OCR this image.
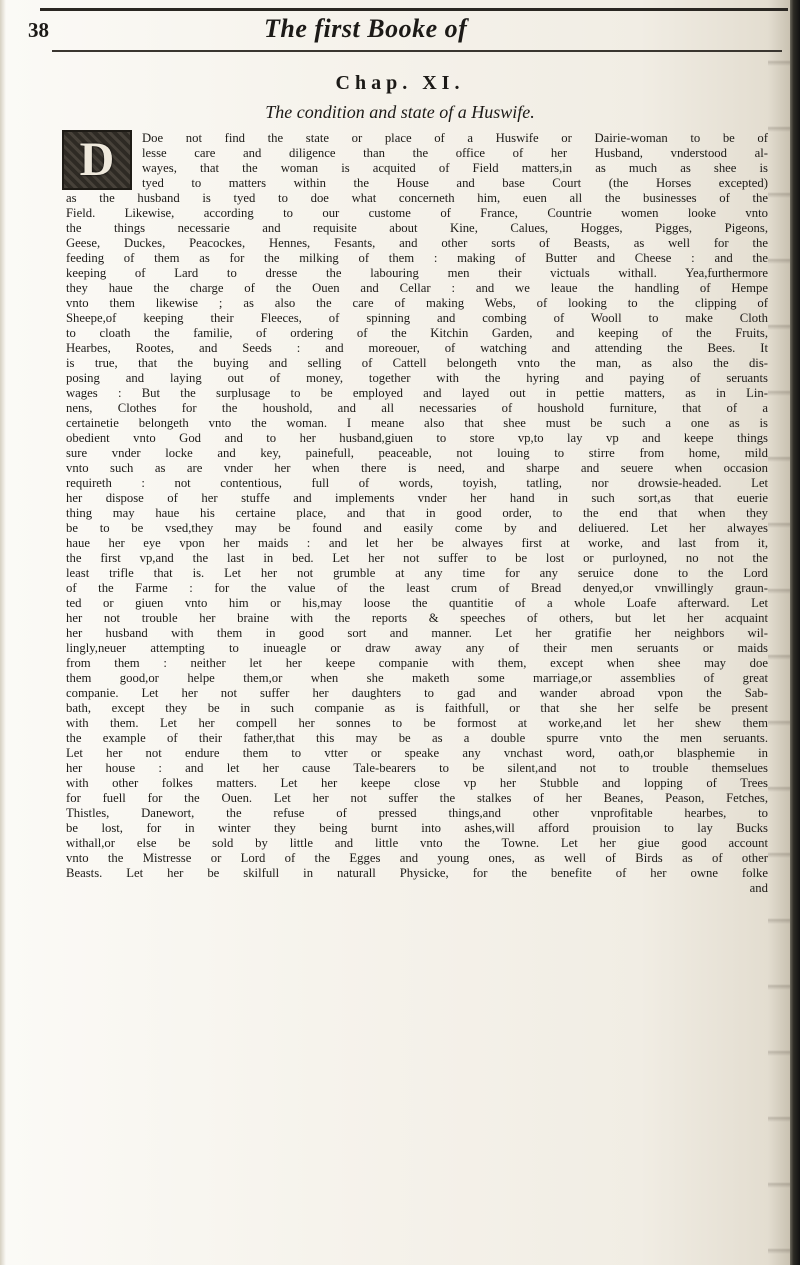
38	The first Booke of
Chap. XI.
The condition and state of a Huswife.
D	Doe not find the state or place of a Huswife or Dairie-woman to be of
lesse care and diligence than the office of her Husband, vnderstood al-
wayes, that the woman is acquited of Field matters,in as much as shee is
tyed to matters within the House and base Court (the Horses excepted)
as the husband is tyed to doe what concerneth him, euen all the businesses of the
Field. Likewise, according to our custome of France, Countrie women looke vnto
the things necessarie and requisite about Kine, Calues, Hogges, Pigges, Pigeons,
Geese, Duckes, Peacockes, Hennes, Fesants, and other sorts of Beasts, as well for the
feeding of them as for the milking of them : making of Butter and Cheese : and the
keeping of Lard to dresse the labouring men their victuals withall. Yea,furthermore
they haue the charge of the Ouen and Cellar : and we leaue the handling of Hempe
vnto them likewise ; as also the care of making Webs, of looking to the clipping of
Sheepe,of keeping their Fleeces, of spinning and combing of Wooll to make Cloth
to cloath the familie, of ordering of the Kitchin Garden, and keeping of the Fruits,
Hearbes, Rootes, and Seeds : and moreouer, of watching and attending the Bees. It
is true, that the buying and selling of Cattell belongeth vnto the man, as also the dis-
posing and laying out of money, together with the hyring and paying of seruants
wages : But the surplusage to be employed and layed out in pettie matters, as in Lin-
nens, Clothes for the houshold, and all necessaries of houshold furniture, that of a
certainetie belongeth vnto the woman. I meane also that shee must be such a one as is
obedient vnto God and to her husband,giuen to store vp,to lay vp and keepe things
sure vnder locke and key, painefull, peaceable, not louing to stirre from home, mild
vnto such as are vnder her when there is need, and sharpe and seuere when occasion
requireth : not contentious, full of words, toyish, tatling, nor drowsie-headed. Let
her dispose of her stuffe and implements vnder her hand in such sort,as that euerie
thing may haue his certaine place, and that in good order, to the end that when they
be to be vsed,they may be found and easily come by and deliuered. Let her alwayes
haue her eye vpon her maids : and let her be alwayes first at worke, and last from it,
the first vp,and the last in bed. Let her not suffer to be lost or purloyned, no not the
least trifle that is. Let her not grumble at any time for any seruice done to the Lord
of the Farme : for the value of the least crum of Bread denyed,or vnwillingly graun-
ted or giuen vnto him or his,may loose the quantitie of a whole Loafe afterward. Let
her not trouble her braine with the reports & speeches of others, but let her acquaint
her husband with them in good sort and manner. Let her gratifie her neighbors wil-
lingly,neuer attempting to inueagle or draw away any of their men seruants or maids
from them : neither let her keepe companie with them, except when shee may doe
them good,or helpe them,or when she maketh some marriage,or assemblies of great
companie. Let her not suffer her daughters to gad and wander abroad vpon the Sab-
bath, except they be in such companie as is faithfull, or that she her selfe be present
with them. Let her compell her sonnes to be formost at worke,and let her shew them
the example of their father,that this may be as a double spurre vnto the men seruants.
Let her not endure them to vtter or speake any vnchast word, oath,or blasphemie in
her house : and let her cause Tale-bearers to be silent,and not to trouble themselues
with other folkes matters. Let her keepe close vp her Stubble and lopping of Trees
for fuell for the Ouen. Let her not suffer the stalkes of her Beanes, Peason, Fetches,
Thistles, Danewort, the refuse of pressed things,and other vnprofitable hearbes, to
be lost, for in winter they being burnt into ashes,will afford prouision to lay Bucks
withall,or else be sold by little and little vnto the Towne. Let her giue good account
vnto the Mistresse or Lord of the Egges and young ones, as well of Birds as of other
Beasts. Let her be skilfull in naturall Physicke, for the benefite of her owne folke
and
